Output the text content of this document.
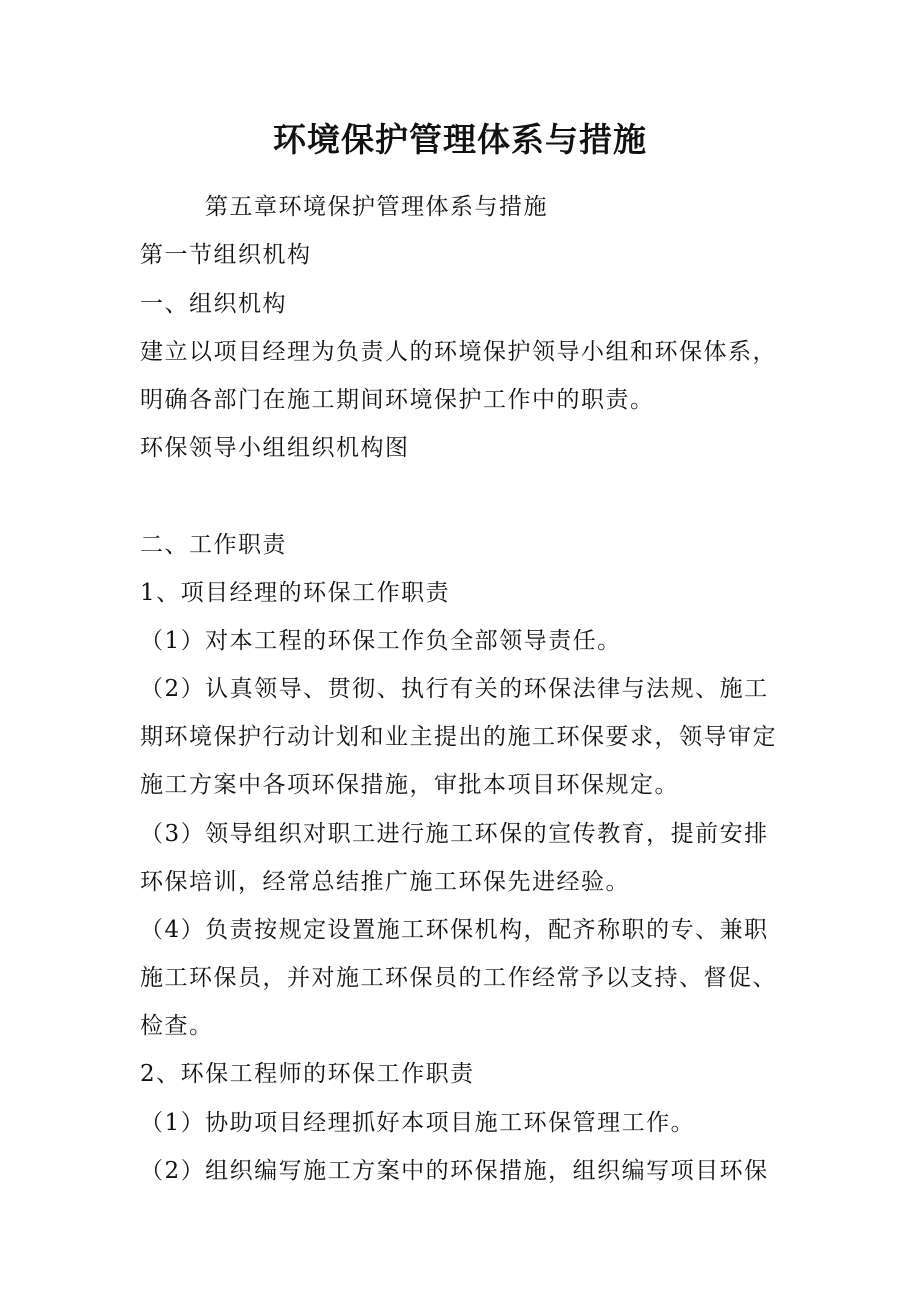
环境保护管理体系与措施
第五章环境保护管理体系与措施
第一节组织机构
一、组织机构
建立以项目经理为负责人的环境保护领导小组和环保体系，
明确各部门在施工期间环境保护工作中的职责。
环保领导小组组织机构图
二、工作职责
1、项目经理的环保工作职责
（1）对本工程的环保工作负全部领导责任。
（2）认真领导、贯彻、执行有关的环保法律与法规、施工
期环境保护行动计划和业主提出的施工环保要求，领导审定
施工方案中各项环保措施，审批本项目环保规定。
（3）领导组织对职工进行施工环保的宣传教育，提前安排
环保培训，经常总结推广施工环保先进经验。
（4）负责按规定设置施工环保机构，配齐称职的专、兼职
施工环保员，并对施工环保员的工作经常予以支持、督促、
检查。
2、环保工程师的环保工作职责
（1）协助项目经理抓好本项目施工环保管理工作。
（2）组织编写施工方案中的环保措施，组织编写项目环保
